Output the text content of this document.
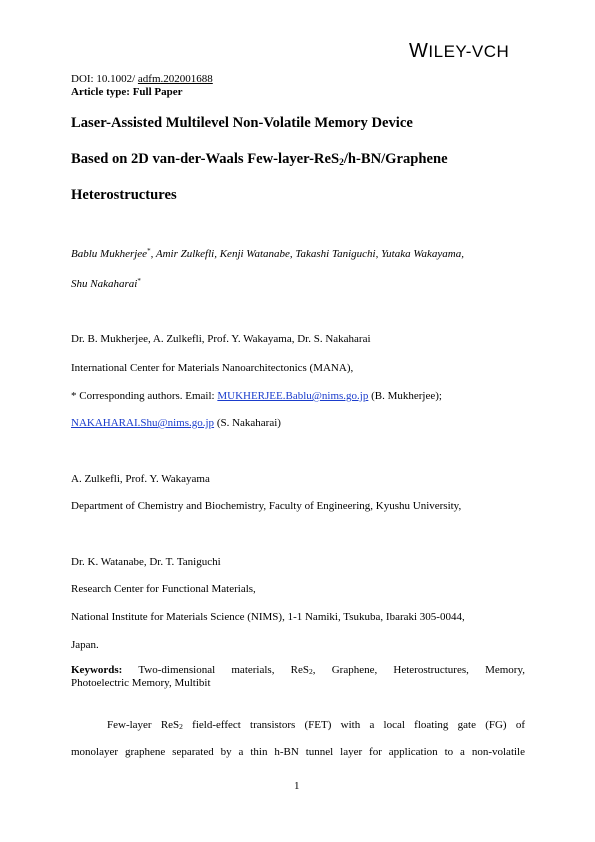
WILEY-VCH
DOI: 10.1002/ adfm.202001688
Article type: Full Paper
Laser-Assisted Multilevel Non-Volatile Memory Device
Based on 2D van-der-Waals Few-layer-ReS$_2$/h-BN/Graphene
Heterostructures
Bablu Mukherjee*, Amir Zulkefli, Kenji Watanabe, Takashi Taniguchi, Yutaka Wakayama,
Shu Nakaharai*
Dr. B. Mukherjee, A. Zulkefli, Prof. Y. Wakayama, Dr. S. Nakaharai
International Center for Materials Nanoarchitectonics (MANA),
* Corresponding authors. Email: MUKHERJEE.Bablu@nims.go.jp (B. Mukherjee);
NAKAHARAI.Shu@nims.go.jp (S. Nakaharai)
A. Zulkefli, Prof. Y. Wakayama
Department of Chemistry and Biochemistry, Faculty of Engineering, Kyushu University,
Dr. K. Watanabe, Dr. T. Taniguchi
Research Center for Functional Materials,
National Institute for Materials Science (NIMS), 1-1 Namiki, Tsukuba, Ibaraki 305-0044,
Japan.
Keywords: Two-dimensional materials, ReS$_2$, Graphene, Heterostructures, Memory,
Photoelectric Memory, Multibit
Few-layer ReS$_2$ field-effect transistors (FET) with a local floating gate (FG) of
monolayer graphene separated by a thin h-BN tunnel layer for application to a non-volatile
1
